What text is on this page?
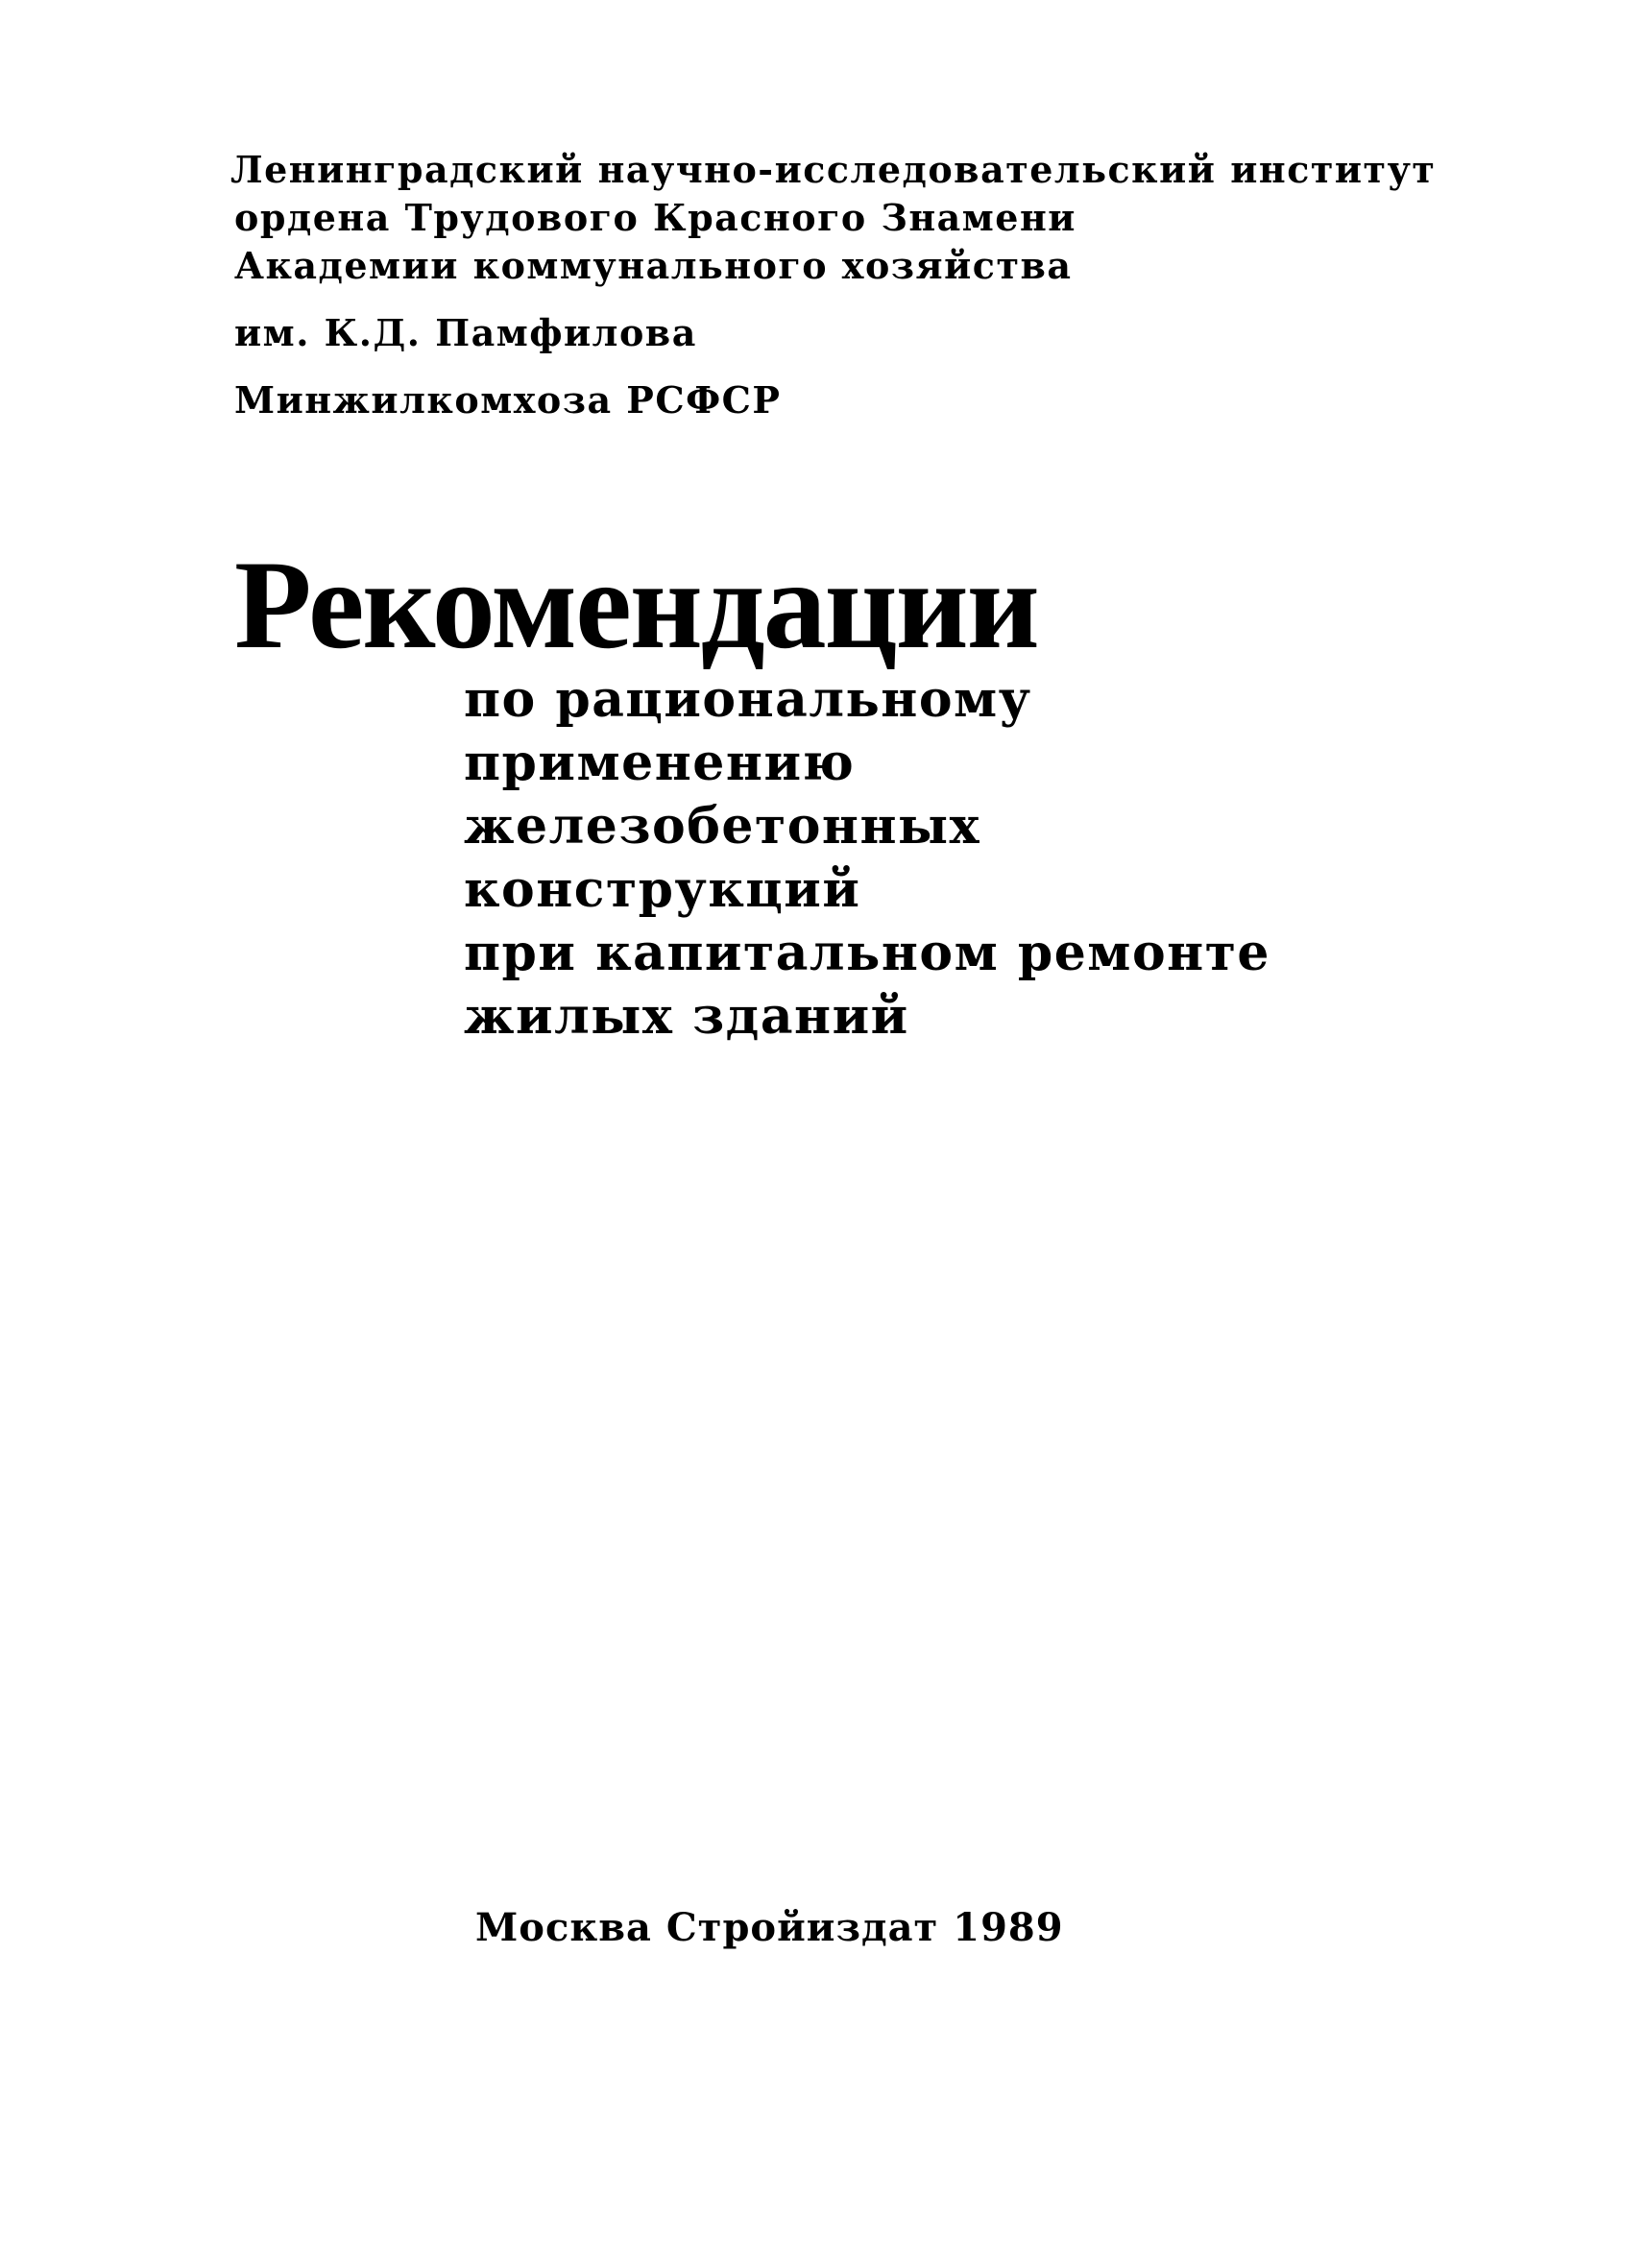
Ленинградский научно-исследовательский институт
ордена Трудового Красного Знамени
Академии коммунального хозяйства
им. К.Д. Памфилова
Минжилкомхоза РСФСР
Рекомендации
по рациональному
применению
железобетонных
конструкций
при капитальном ремонте
жилых зданий
Москва Стройиздат 1989
